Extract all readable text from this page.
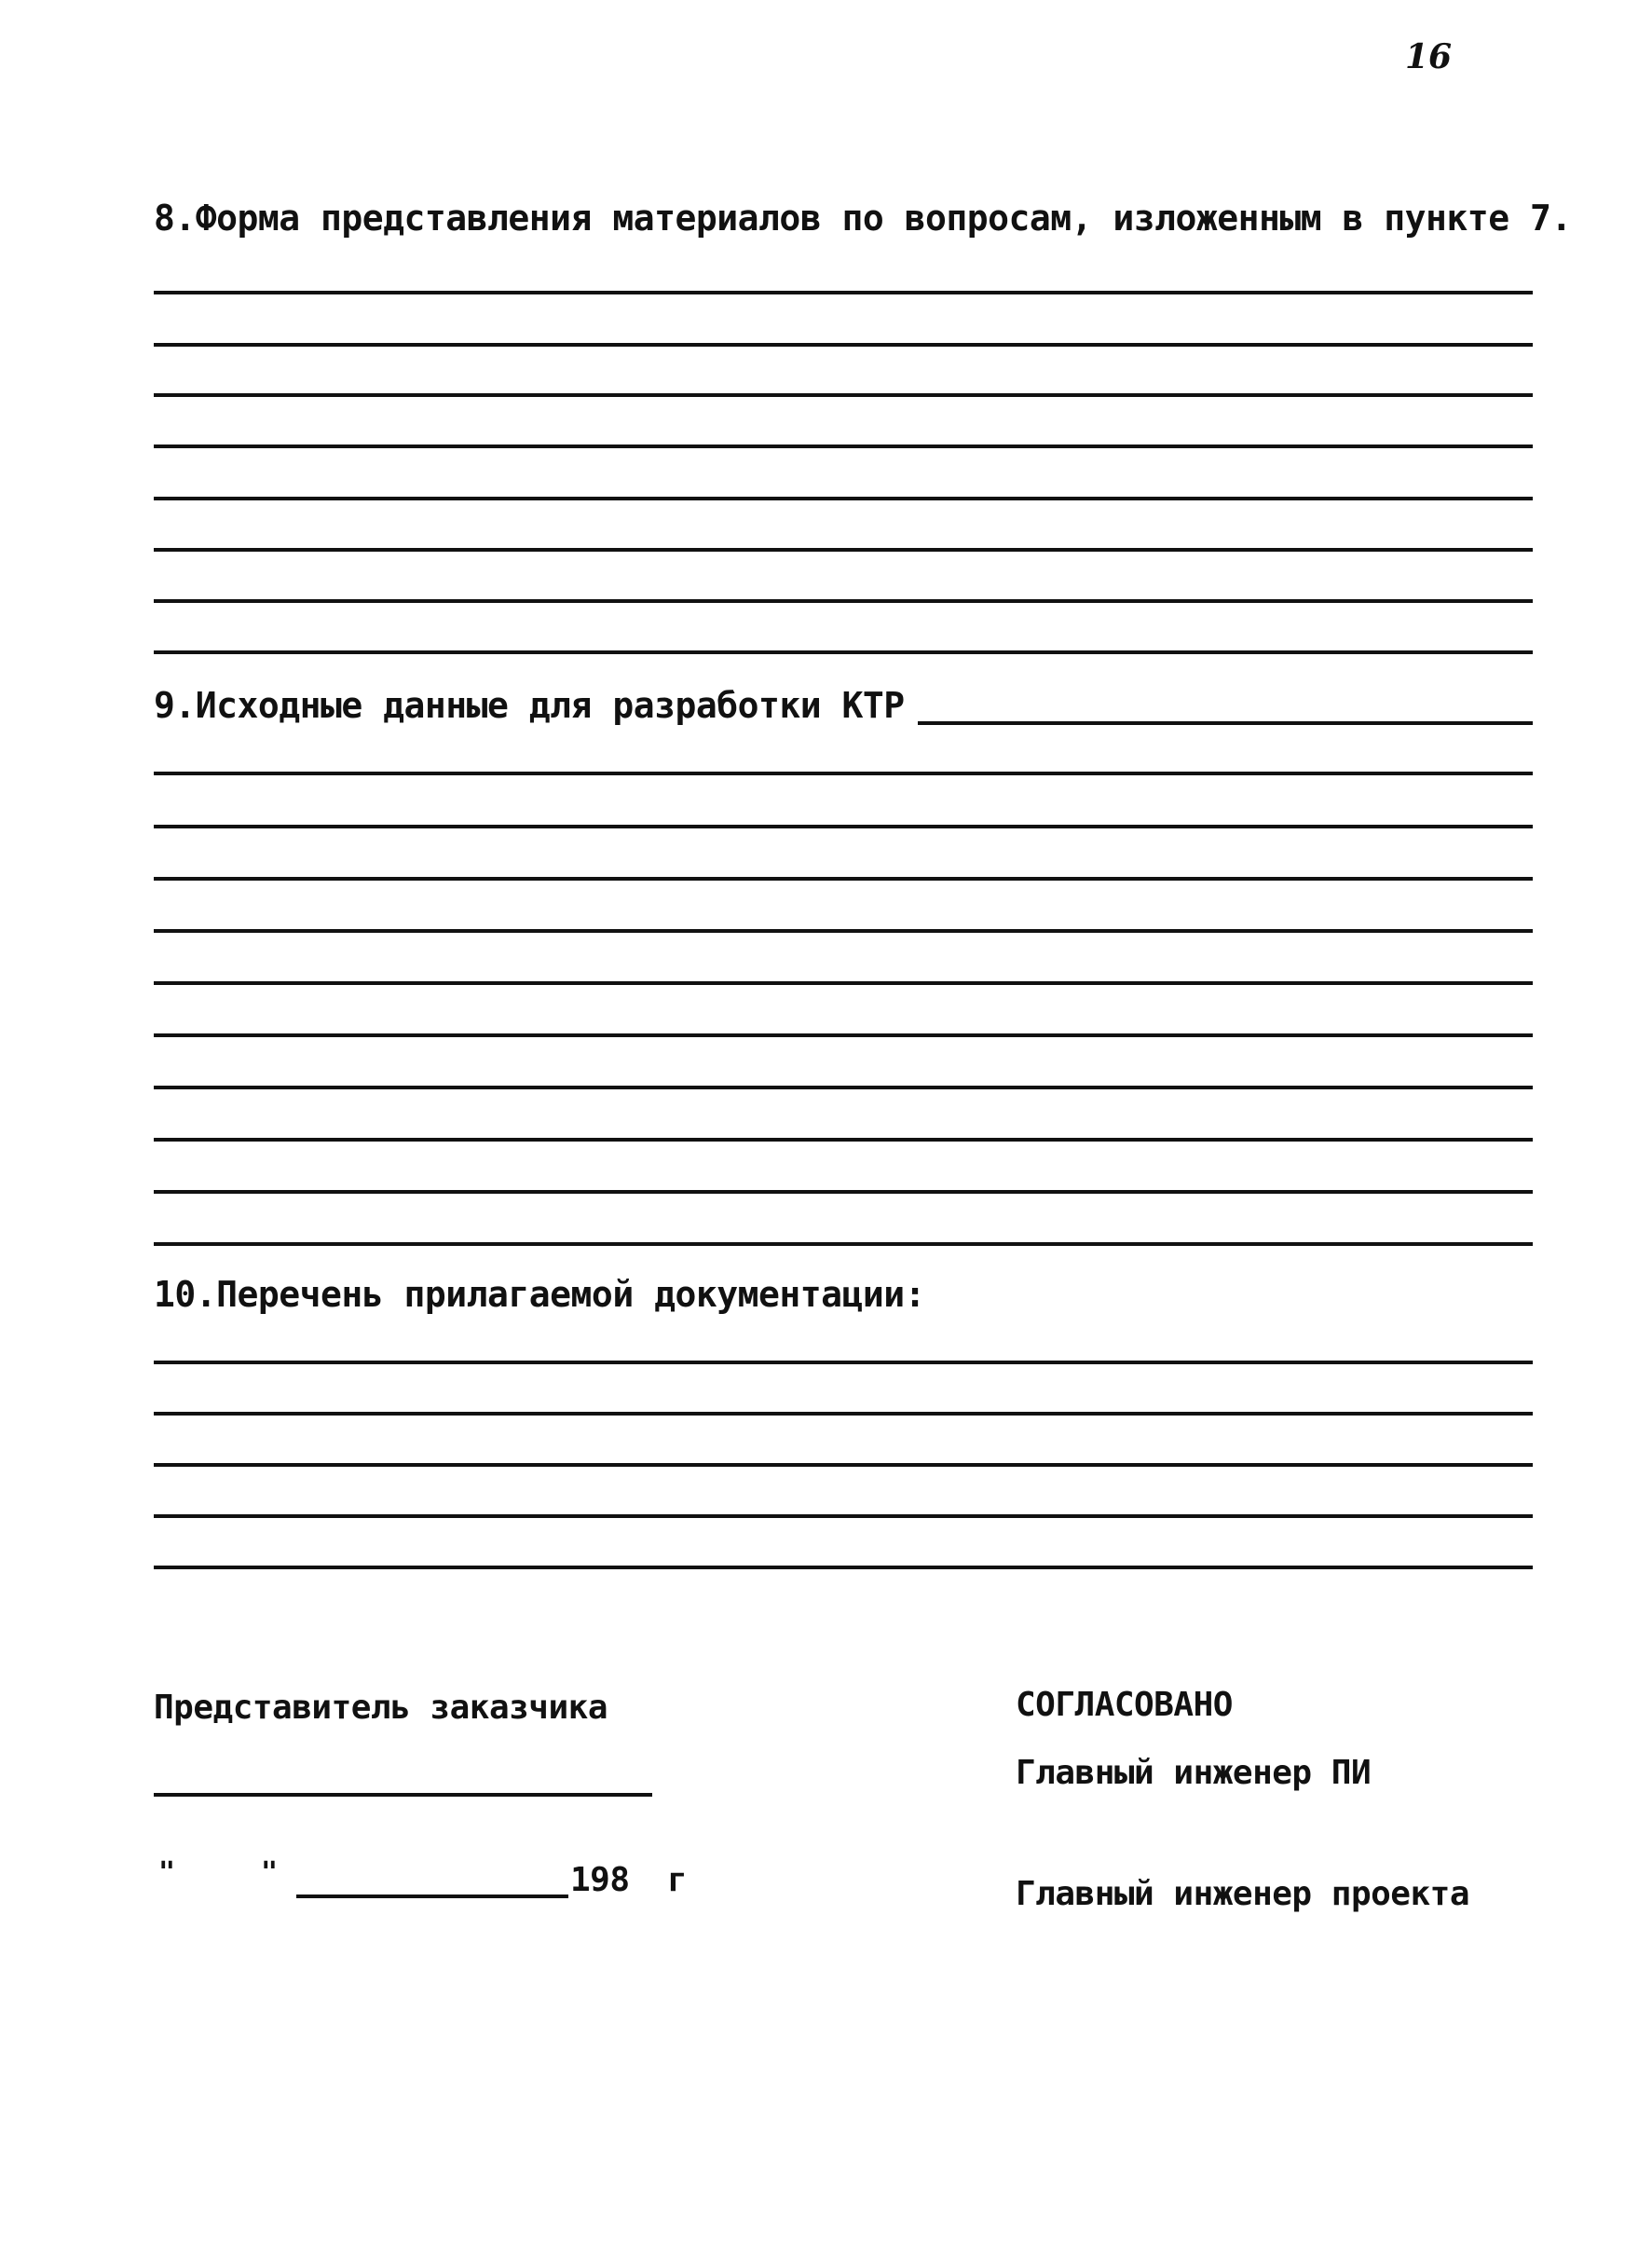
16
8.Форма представления материалов по вопросам, изложенным в пункте 7.
9.Исходные данные для разработки КТР
10.Перечень прилагаемой документации:
Представитель заказчика
"	"	198 г
СОГЛАСОВАНО
Главный инженер ПИ
Главный инженер проекта
